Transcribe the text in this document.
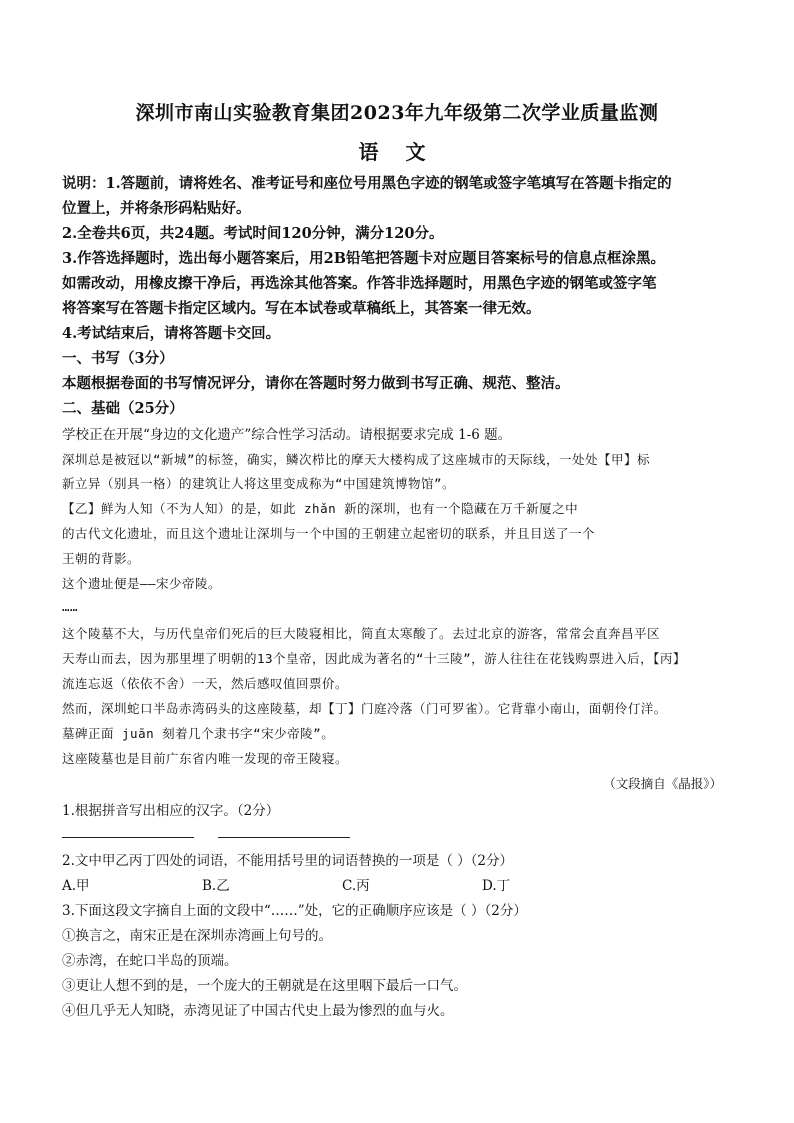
深圳市南山实验教育集团2023年九年级第二次学业质量监测
语 文
说明：1.答题前，请将姓名、准考证号和座位号用黑色字迹的钢笔或签字笔填写在答题卡指定的
位置上，并将条形码粘贴好。
2.全卷共6页，共24题。考试时间120分钟，满分120分。
3.作答选择题时，选出每小题答案后，用2B铅笔把答题卡对应题目答案标号的信息点框涂黑。
如需改动，用橡皮擦干净后，再选涂其他答案。作答非选择题时，用黑色字迹的钢笔或签字笔
将答案写在答题卡指定区域内。写在本试卷或草稿纸上，其答案一律无效。
4.考试结束后，请将答题卡交回。
一、书写（3分）
本题根据卷面的书写情况评分，请你在答题时努力做到书写正确、规范、整洁。
二、基础（25分）
学校正在开展“身边的文化遗产”综合性学习活动。请根据要求完成 1-6 题。
深圳总是被冠以“新城”的标签，确实，鳞次栉比的摩天大楼构成了这座城市的天际线，一处处【甲】标
新立异（别具一格）的建筑让人将这里变成称为“中国建筑博物馆”。
【乙】鲜为人知（不为人知）的是，如此 zhǎn 新的深圳，也有一个隐藏在万千新厦之中
的古代文化遗址，而且这个遗址让深圳与一个中国的王朝建立起密切的联系，并且目送了一个
王朝的背影。
这个遗址便是——宋少帝陵。
……
这个陵墓不大，与历代皇帝们死后的巨大陵寝相比，简直太寒酸了。去过北京的游客，常常会直奔昌平区
天寿山而去，因为那里埋了明朝的13个皇帝，因此成为著名的“十三陵”，游人往往在花钱购票进入后，【丙】
流连忘返（依依不舍）一天，然后感叹值回票价。
然而，深圳蛇口半岛赤湾码头的这座陵墓，却【丁】门庭冷落（门可罗雀）。它背靠小南山，面朝伶仃洋。
墓碑正面 juān 刻着几个隶书字“宋少帝陵”。
这座陵墓也是目前广东省内唯一发现的帝王陵寝。
（文段摘自《晶报》）
1.根据拼音写出相应的汉字。（2分）
2.文中甲乙丙丁四处的词语，不能用括号里的词语替换的一项是（ ）（2分）
A.甲	B.乙	C.丙	D.丁
3.下面这段文字摘自上面的文段中“……”处，它的正确顺序应该是（ ）（2分）
①换言之，南宋正是在深圳赤湾画上句号的。
②赤湾，在蛇口半岛的顶端。
③更让人想不到的是，一个庞大的王朝就是在这里咽下最后一口气。
④但几乎无人知晓，赤湾见证了中国古代史上最为惨烈的血与火。
